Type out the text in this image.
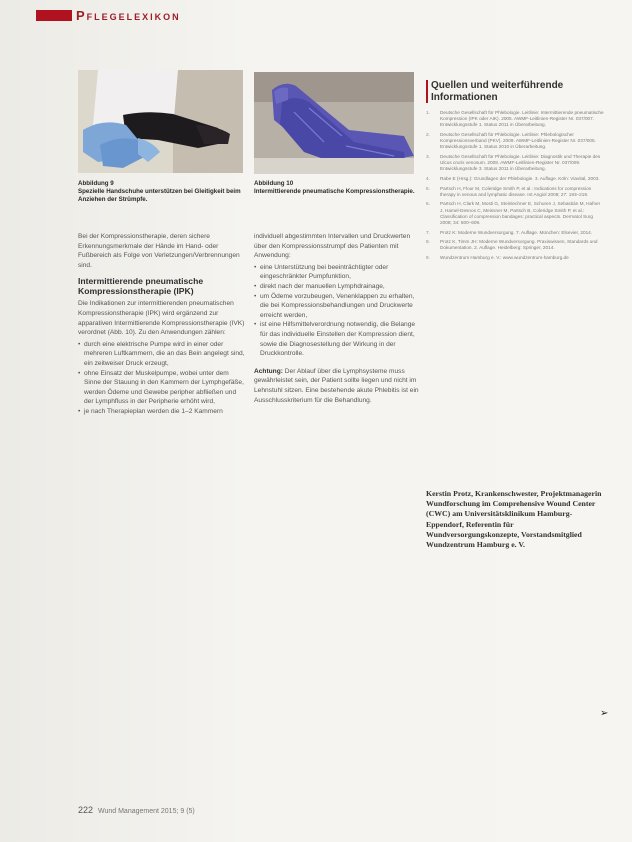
Pflegelexikon
Abbildung 9
Spezielle Handschuhe unterstützen bei Gleitigkeit beim Anziehen der Strümpfe.
Abbildung 10
Intermittierende pneumatische Kompressionstherapie.

Bei der Kompressionstherapie, deren sichere Erkennungsmerkmale der Hände im Hand- oder Fußbereich als Folge von Verletzungen/Verbrennungen sind.

Intermittierende pneumatische Kompressionstherapie (IPK)

Die Indikationen zur intermittierenden pneumatischen Kompressionstherapie (IPK) wird ergänzend zur apparativen Intermittierende Kompressionstherapie (IVK) verordnet (Abb. 10). Zu den Anwendungen zählen:

• durch eine elektrische Pumpe wird in einer oder mehreren Luftkammern, die an das Bein angelegt sind, ein zeitweiser Druck erzeugt,
• ohne Einsatz der Muskelpumpe, wobei unter dem Sinne der Stauung in den Kammern der Lymphgefäße, werden Ödeme und Gewebe peripher abfließen und der Lymphfluss in der Peripherie erhöht wird,
• je nach Therapieplan werden die 1–2 Kammern

individuell abgestimmten Intervallen und Druckwerten über den Kompressionsstrumpf des Patienten mit Anwendung:

• eine Unterstützung bei beeinträchtigter oder eingeschränkter Pumpfunktion,
• direkt nach der manuellen Lymphdrainage,
• um Ödeme vorzubeugen, Venenklappen zu erhalten, die bei Kompressionsbehandlungen und Druckwerte erreicht werden,
• ist eine Hilfsmittelverordnung notwendig, die Belange für das individuelle Einstellen der Kompression dient, sowie die Diagnosestellung der Wirkung in der Druckkontrolle.

Achtung: Der Ablauf über die Lymphsysteme muss gewährleistet sein, der Patient sollte liegen und nicht im Lehnstuhl sitzen. Eine bestehende akute Phlebitis ist ein Ausschlusskriterium für die Behandlung.

Quellen und weiterführende Informationen
1. Deutsche Gesellschaft für Phlebologie. Leitlinie: Intermittierende pneumatische Kompression (IPK oder AIK). 2005. AWMF-Leitlinien-Register Nr. 037/007. Entwicklungsstufe 1. Status 2011 in Überarbeitung.
2. Deutsche Gesellschaft für Phlebologie. Leitlinie: Phlebologischer Kompressionsverband (PKV). 2009. AWMF-Leitlinien-Register Nr. 037/005. Entwicklungsstufe 1. Status 2010 in Überarbeitung.
3. Deutsche Gesellschaft für Phlebologie. Leitlinie: Diagnostik und Therapie des Ulcus cruris venosum. 2008. AWMF-Leitlinien-Register Nr. 037/009. Entwicklungsstufe 3. Status 2011 in Überarbeitung.
4. Rabe E (Hrsg.): Grundlagen der Phlebologie. 3. Auflage. Köln: Viavital, 2003.
5. Partsch H, Flour M, Coleridge Smith P, et al.: Indications for compression therapy in venous and lymphatic disease. Int Angiol 2008; 27: 193–219.
6. Partsch H, Clark M, Mosti G, Steinlechner E, Schuren J, Sebastián M, Hafner J, Hamel-Desnos C, Meissner M, Partsch B, Coleridge Smith P, et al.: Classification of compression bandages: practical aspects. Dermatol Surg 2008; 34: 600–609.
7. Protz K: Moderne Wundversorgung. 7. Auflage. München: Elsevier, 2014.
8. Protz K, Timm JH: Moderne Wundversorgung. Praxiswissen, Standards und Dokumentation. 2. Auflage. Heidelberg: Springer, 2014.
9. Wundzentrum Hamburg e. V.: www.wundzentrum-hamburg.de
Kerstin Protz, Krankenschwester, Projektmanagerin Wundforschung im Comprehensive Wound Center (CWC) am Universitätsklinikum Hamburg-Eppendorf, Referentin für Wundversorgungskonzepte, Vorstandsmitglied Wundzentrum Hamburg e. V.
222 Wund Management 2015; 9 (5)
➢
